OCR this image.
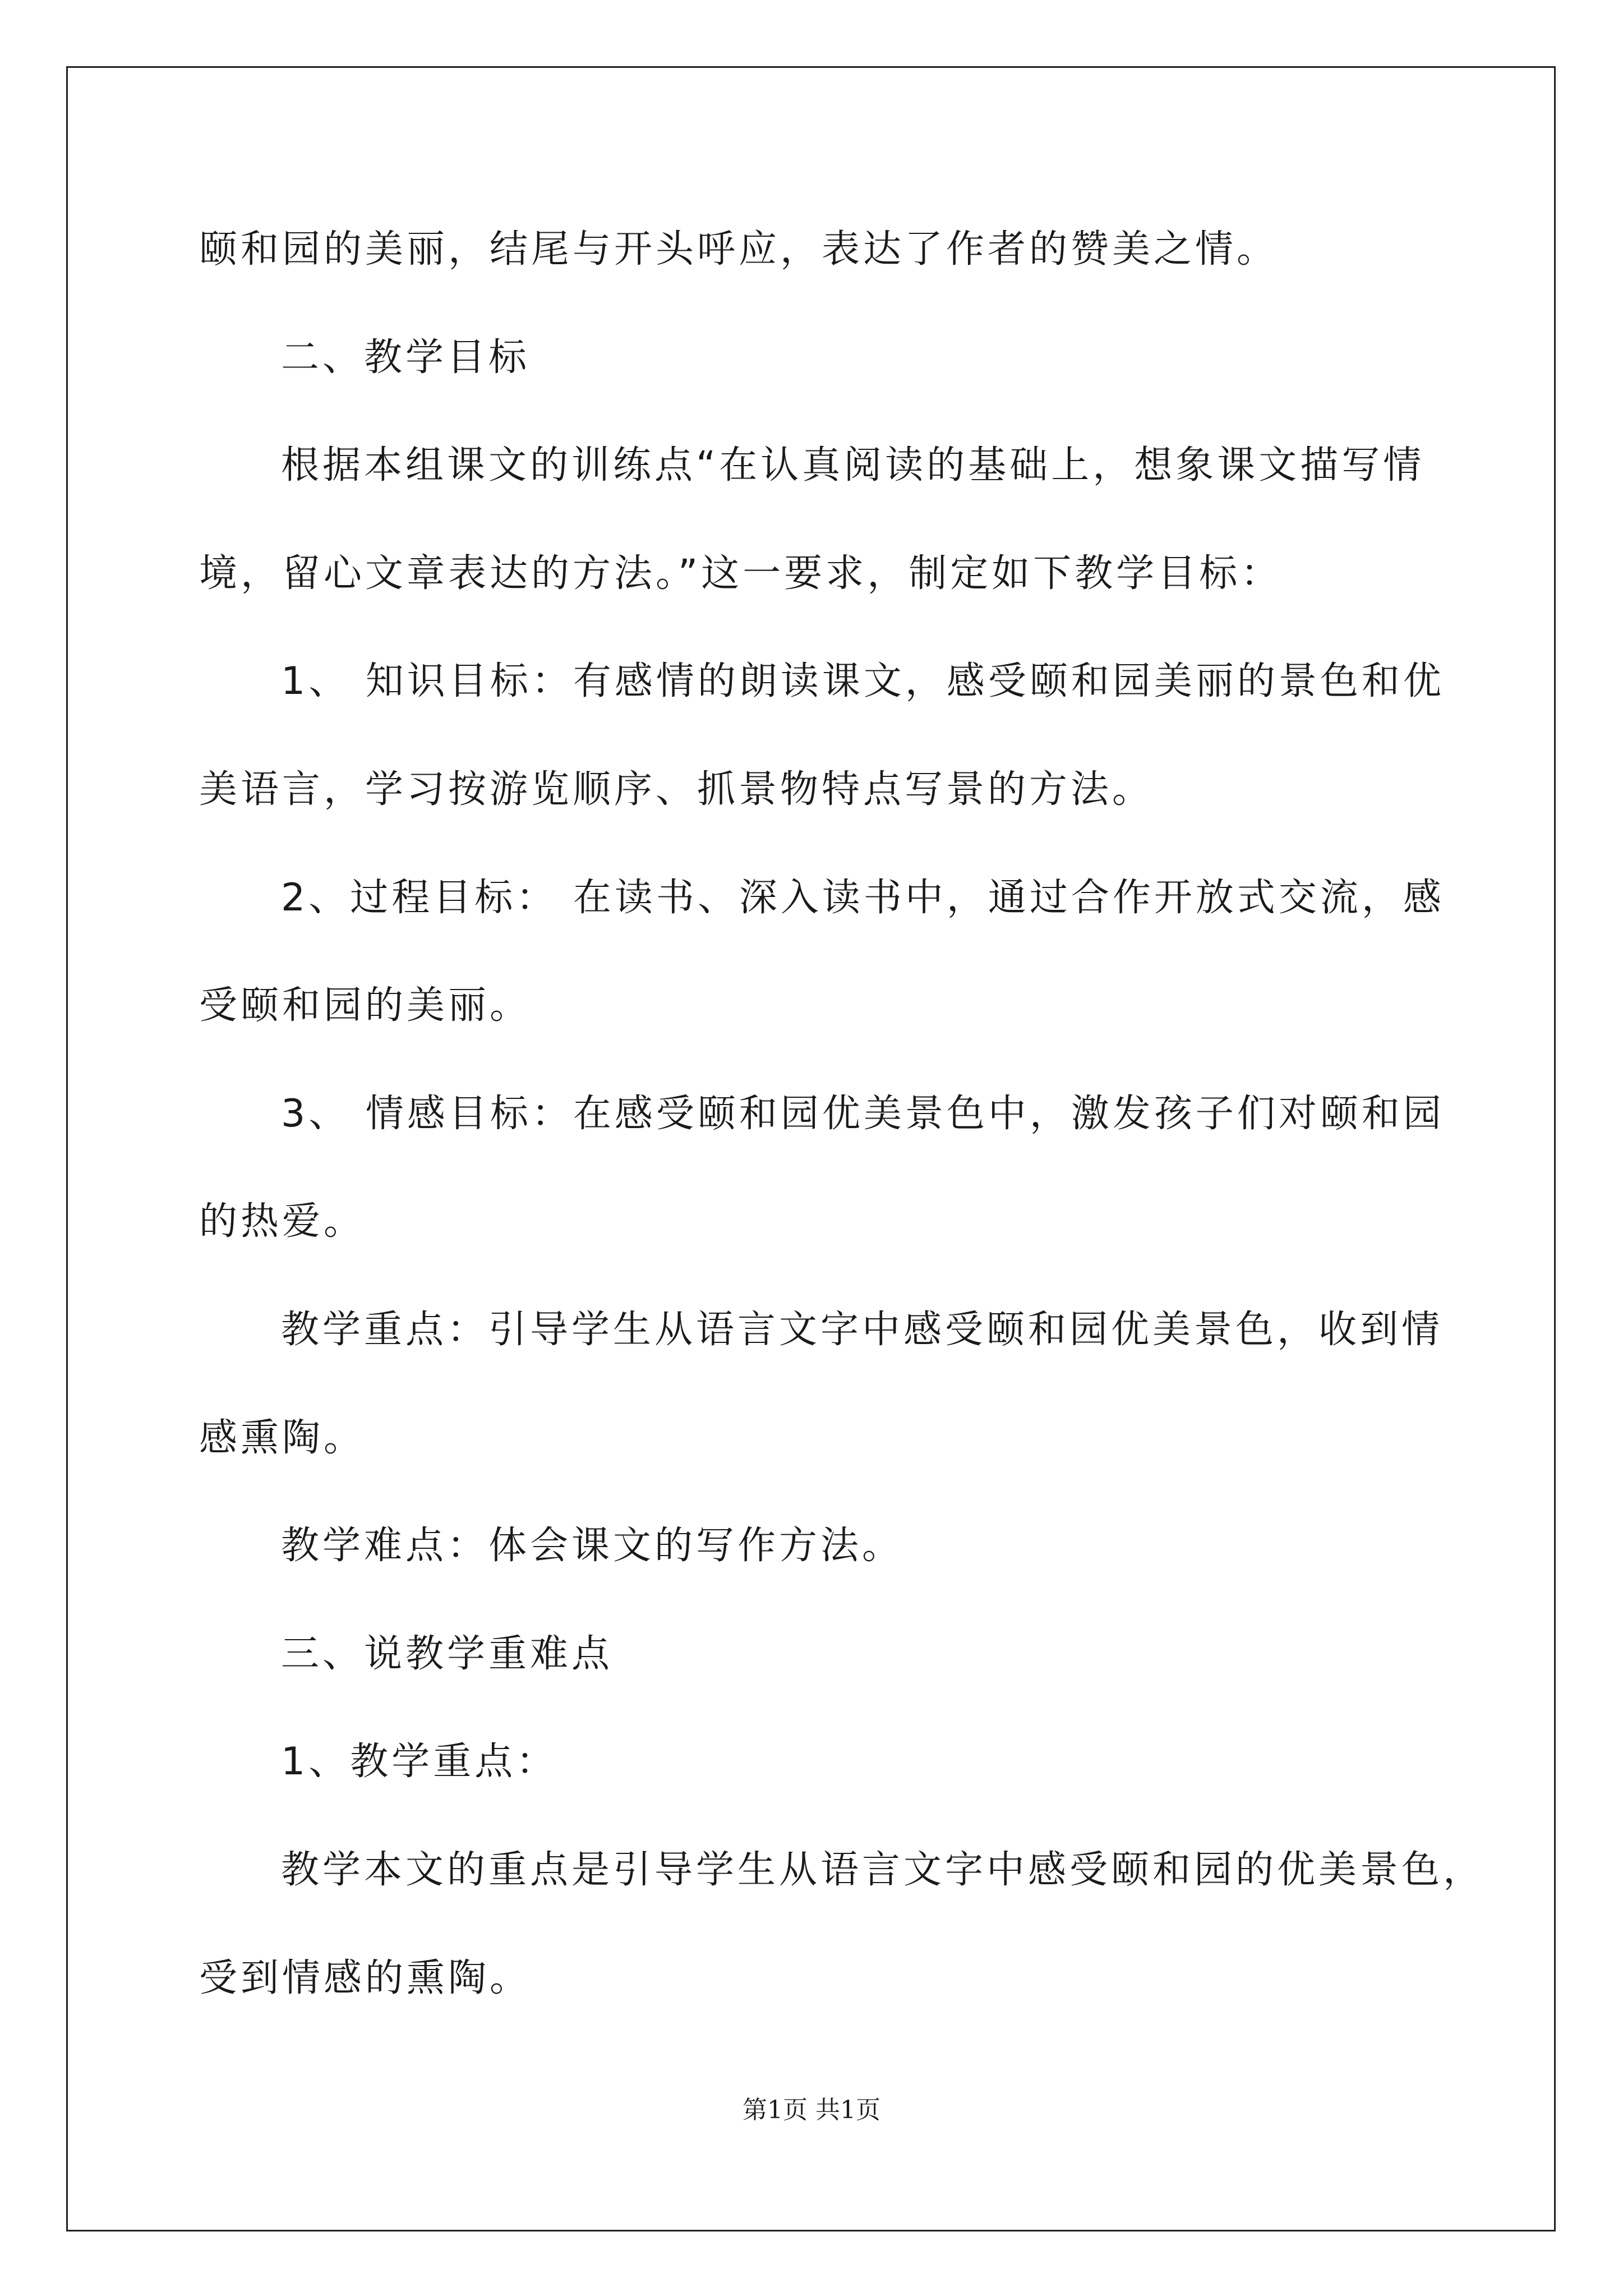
颐和园的美丽，结尾与开头呼应，表达了作者的赞美之情。
二、教学目标
根据本组课文的训练点“在认真阅读的基础上，想象课文描写情
境，留心文章表达的方法。”这一要求，制定如下教学目标：
1、 知识目标：有感情的朗读课文，感受颐和园美丽的景色和优
美语言，学习按游览顺序、抓景物特点写景的方法。
2、过程目标： 在读书、深入读书中，通过合作开放式交流，感
受颐和园的美丽。
3、 情感目标：在感受颐和园优美景色中，激发孩子们对颐和园
的热爱。
教学重点：引导学生从语言文字中感受颐和园优美景色，收到情
感熏陶。
教学难点：体会课文的写作方法。
三、说教学重难点
1、教学重点：
教学本文的重点是引导学生从语言文字中感受颐和园的优美景色，
受到情感的熏陶。
第1页 共1页
